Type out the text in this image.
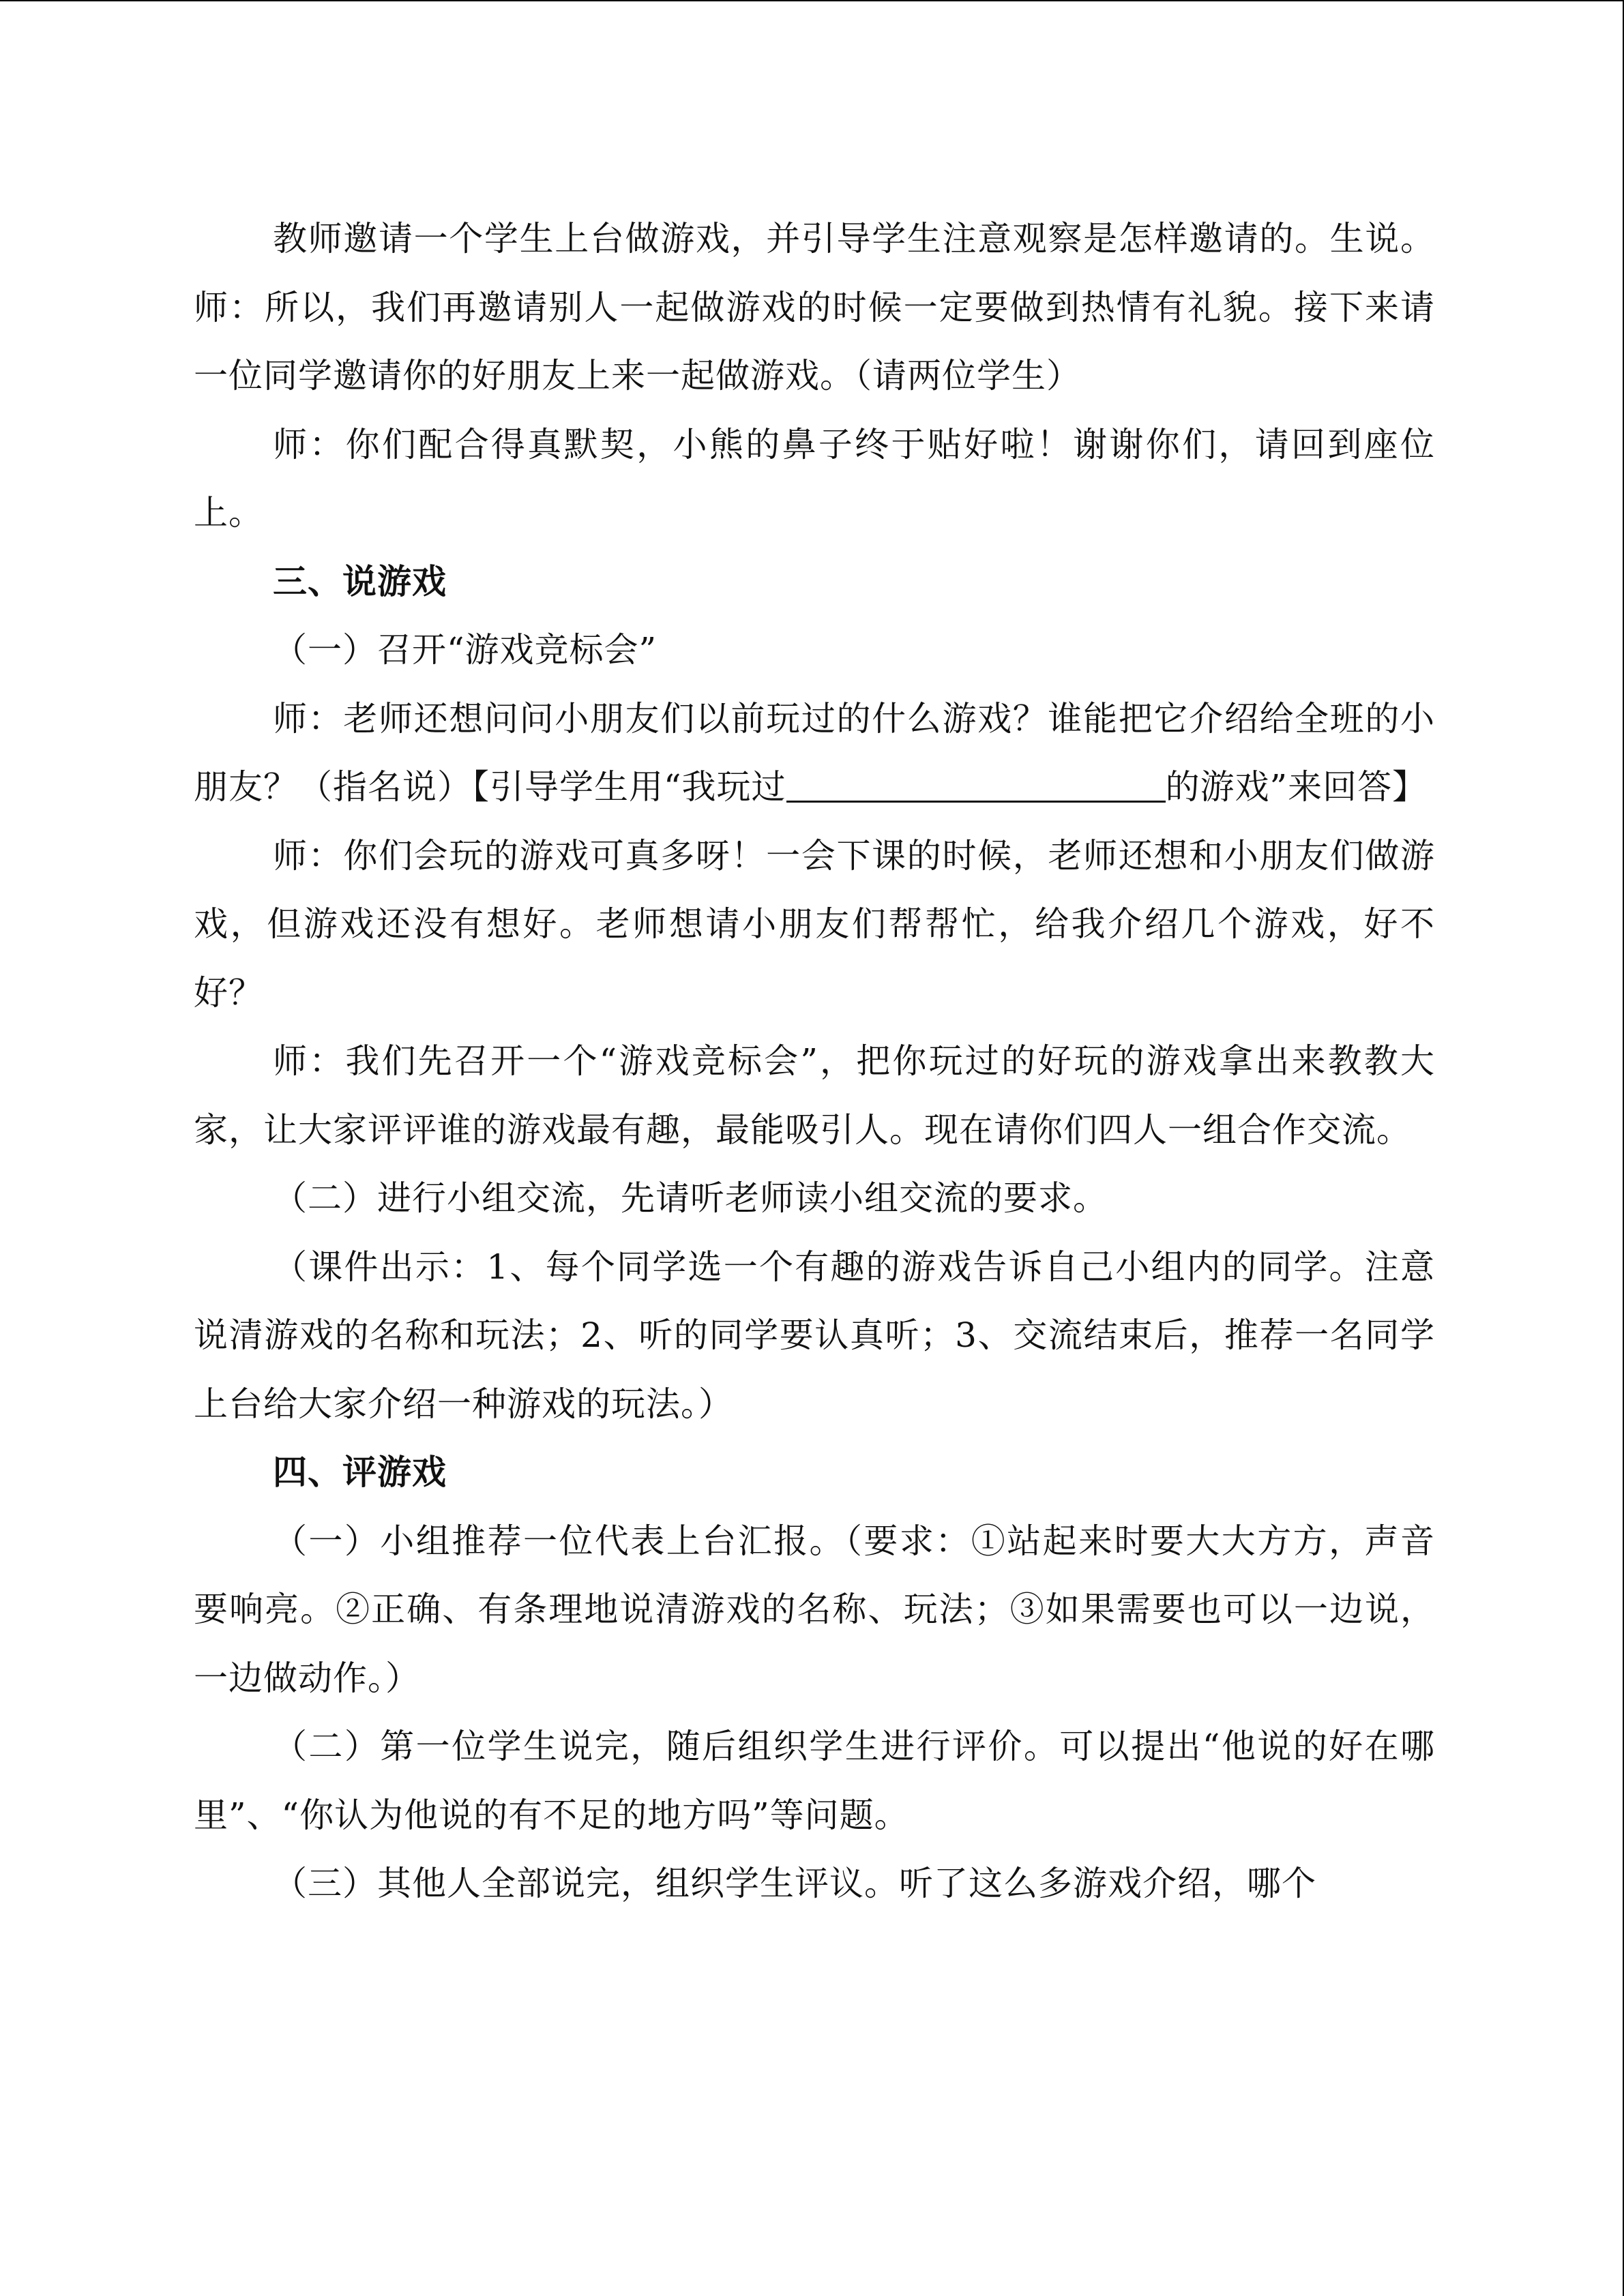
教师邀请一个学生上台做游戏，并引导学生注意观察是怎样邀请的。生说。师：所以，我们再邀请别人一起做游戏的时候一定要做到热情有礼貌。接下来请一位同学邀请你的好朋友上来一起做游戏。（请两位学生）

师：你们配合得真默契，小熊的鼻子终于贴好啦！谢谢你们，请回到座位上。

三、说游戏

（一）召开“游戏竞标会”

师：老师还想问问小朋友们以前玩过的什么游戏？谁能把它介绍给全班的小朋友？（指名说）【引导学生用“我玩过	的游戏”来回答】

师：你们会玩的游戏可真多呀！一会下课的时候，老师还想和小朋友们做游戏，但游戏还没有想好。老师想请小朋友们帮帮忙，给我介绍几个游戏，好不好？

师：我们先召开一个“游戏竞标会”，把你玩过的好玩的游戏拿出来教教大家，让大家评评谁的游戏最有趣，最能吸引人。现在请你们四人一组合作交流。

（二）进行小组交流，先请听老师读小组交流的要求。

（课件出示：1、每个同学选一个有趣的游戏告诉自己小组内的同学。注意说清游戏的名称和玩法；2、听的同学要认真听；3、交流结束后，推荐一名同学上台给大家介绍一种游戏的玩法。）

四、评游戏

（一）小组推荐一位代表上台汇报。（要求：①站起来时要大大方方，声音要响亮。②正确、有条理地说清游戏的名称、玩法；③如果需要也可以一边说，一边做动作。）

（二）第一位学生说完，随后组织学生进行评价。可以提出“他说的好在哪里”、“你认为他说的有不足的地方吗”等问题。

（三）其他人全部说完，组织学生评议。听了这么多游戏介绍，哪个
